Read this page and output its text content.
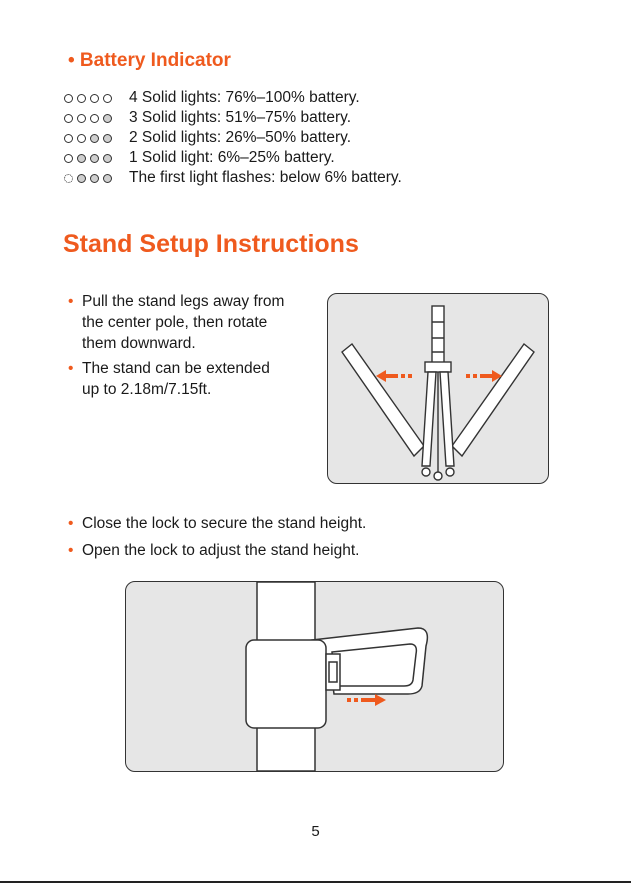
• Battery Indicator
4 Solid lights: 76%–100% battery.
3 Solid lights: 51%–75% battery.
2 Solid lights: 26%–50% battery.
1 Solid light: 6%–25% battery.
The first light flashes: below 6% battery.
Stand Setup Instructions
• Pull the stand legs away from
the center pole, then rotate
them downward.
• The stand can be extended
up to 2.18m/7.15ft.
• Close the lock to secure the stand height.
• Open the lock to adjust the stand height.
5
